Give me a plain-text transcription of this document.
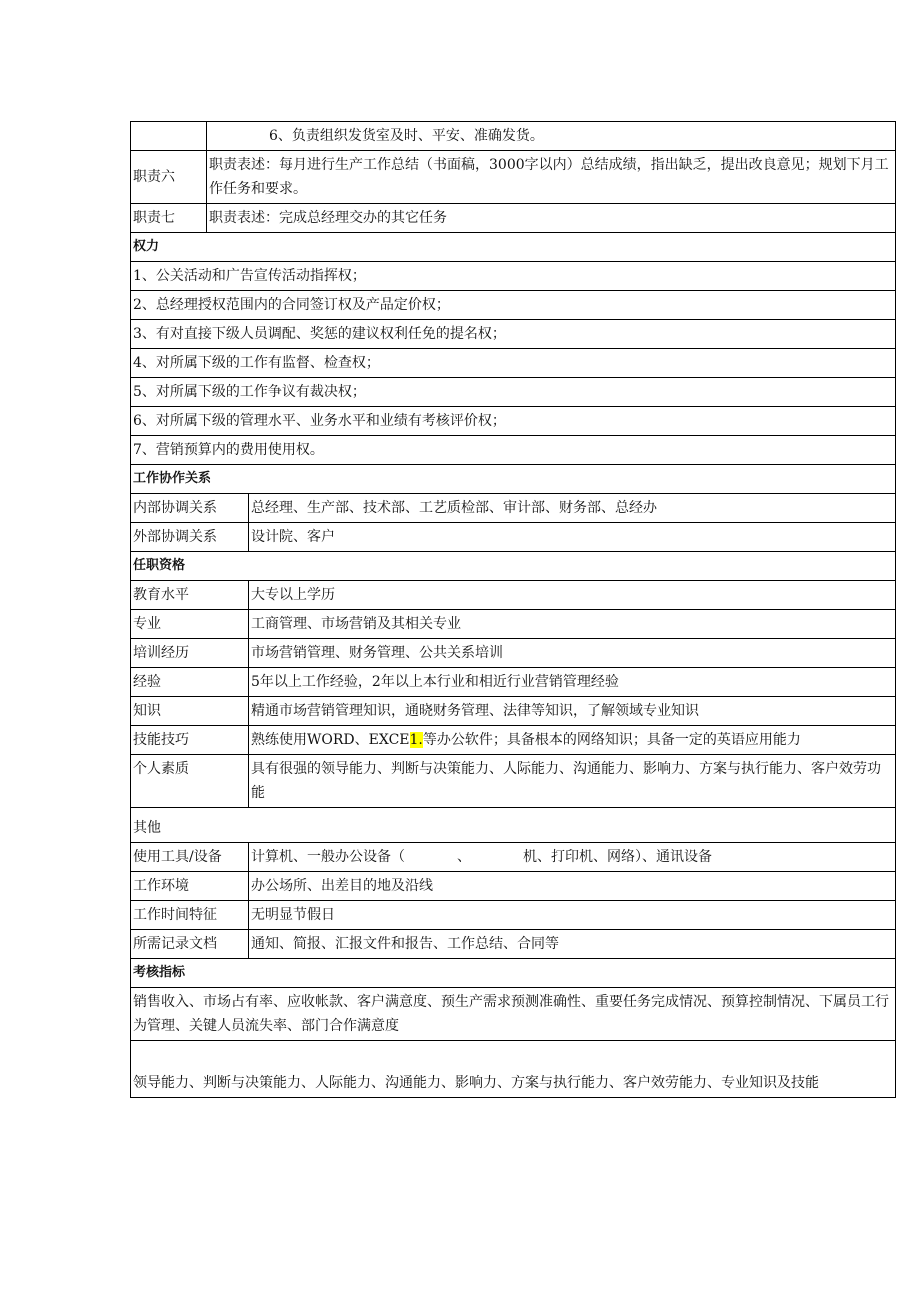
	6、负责组织发货室及时、平安、准确发货。
职责六	职责表述：每月进行生产工作总结（书面稿，3000字以内）总结成绩，指出缺乏，提出改良意见；规划下月工作任务和要求。
职责七	职责表述：完成总经理交办的其它任务
权力
1、公关活动和广告宣传活动指挥权；
2、总经理授权范围内的合同签订权及产品定价权；
3、有对直接下级人员调配、奖惩的建议权利任免的提名权；
4、对所属下级的工作有监督、检查权；
5、对所属下级的工作争议有裁决权；
6、对所属下级的管理水平、业务水平和业绩有考核评价权；
7、营销预算内的费用使用权。
工作协作关系
内部协调关系	总经理、生产部、技术部、工艺质检部、审计部、财务部、总经办
外部协调关系	设计院、客户
任职资格	
教育水平	大专以上学历
专业	工商管理、市场营销及其相关专业
培训经历	市场营销管理、财务管理、公共关系培训
经验	5年以上工作经验，2年以上本行业和相近行业营销管理经验
知识	精通市场营销管理知识，通晓财务管理、法律等知识，了解领域专业知识
技能技巧	熟练使用WORD、EXCE1.等办公软件；具备根本的网络知识；具备一定的英语应用能力
个人素质	具有很强的领导能力、判断与决策能力、人际能力、沟通能力、影响力、方案与执行能力、客户效劳功能
其他	
使用工具/设备	计算机、一般办公设备（ 、 机、打印机、网络）、通讯设备
工作环境	办公场所、出差目的地及沿线
工作时间特征	无明显节假日
所需记录文档	通知、简报、汇报文件和报告、工作总结、合同等
考核指标
销售收入、市场占有率、应收帐款、客户满意度、预生产需求预测准确性、重要任务完成情况、预算控制情况、下属员工行为管理、关键人员流失率、部门合作满意度
领导能力、判断与决策能力、人际能力、沟通能力、影响力、方案与执行能力、客户效劳能力、专业知识及技能
